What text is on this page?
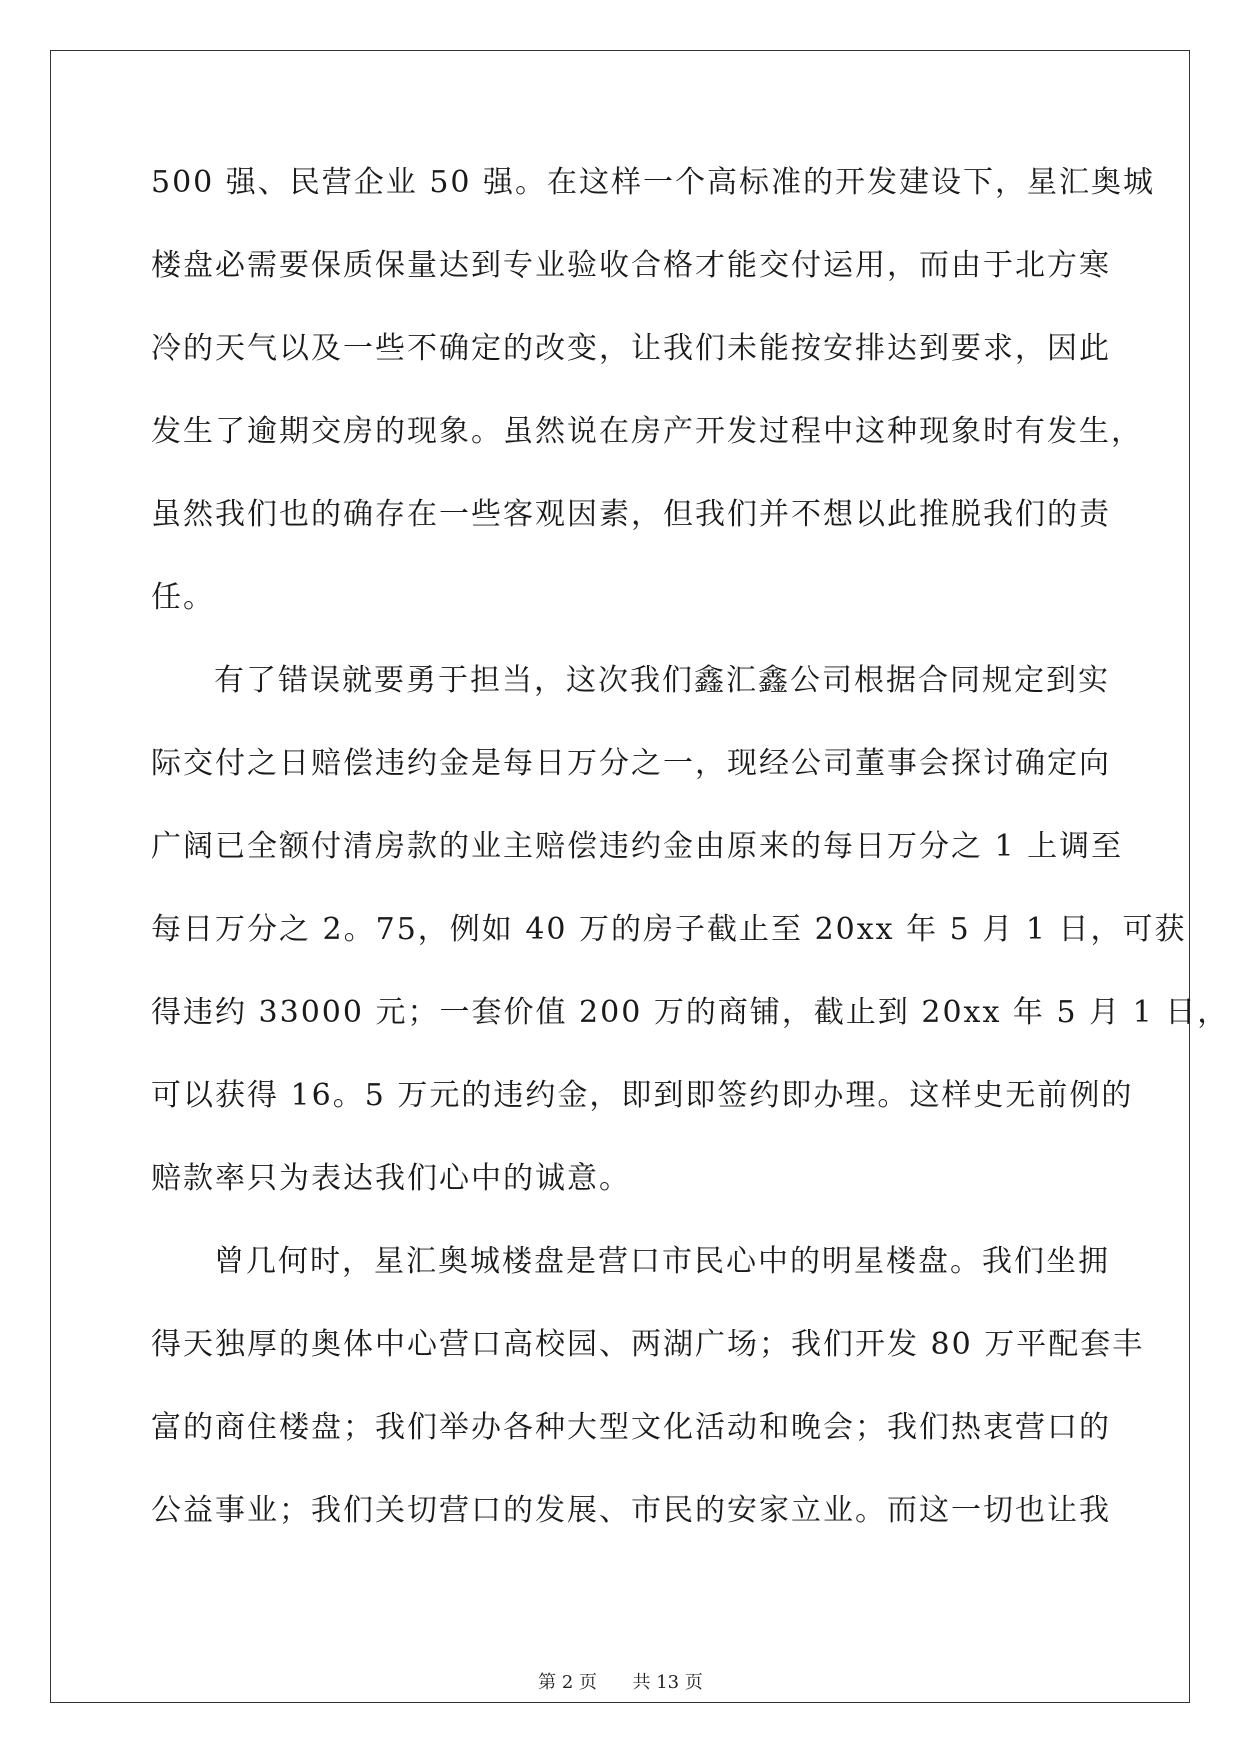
500 强、民营企业 50 强。在这样一个高标准的开发建设下，星汇奥城
楼盘必需要保质保量达到专业验收合格才能交付运用，而由于北方寒
冷的天气以及一些不确定的改变，让我们未能按安排达到要求，因此
发生了逾期交房的现象。虽然说在房产开发过程中这种现象时有发生，
虽然我们也的确存在一些客观因素，但我们并不想以此推脱我们的责
任。
有了错误就要勇于担当，这次我们鑫汇鑫公司根据合同规定到实
际交付之日赔偿违约金是每日万分之一，现经公司董事会探讨确定向
广阔已全额付清房款的业主赔偿违约金由原来的每日万分之 1 上调至
每日万分之 2。75，例如 40 万的房子截止至 20xx 年 5 月 1 日，可获
得违约 33000 元；一套价值 200 万的商铺，截止到 20xx 年 5 月 1 日，
可以获得 16。5 万元的违约金，即到即签约即办理。这样史无前例的
赔款率只为表达我们心中的诚意。
曾几何时，星汇奥城楼盘是营口市民心中的明星楼盘。我们坐拥
得天独厚的奥体中心营口高校园、两湖广场；我们开发 80 万平配套丰
富的商住楼盘；我们举办各种大型文化活动和晚会；我们热衷营口的
公益事业；我们关切营口的发展、市民的安家立业。而这一切也让我
第 2 页 共 13 页
